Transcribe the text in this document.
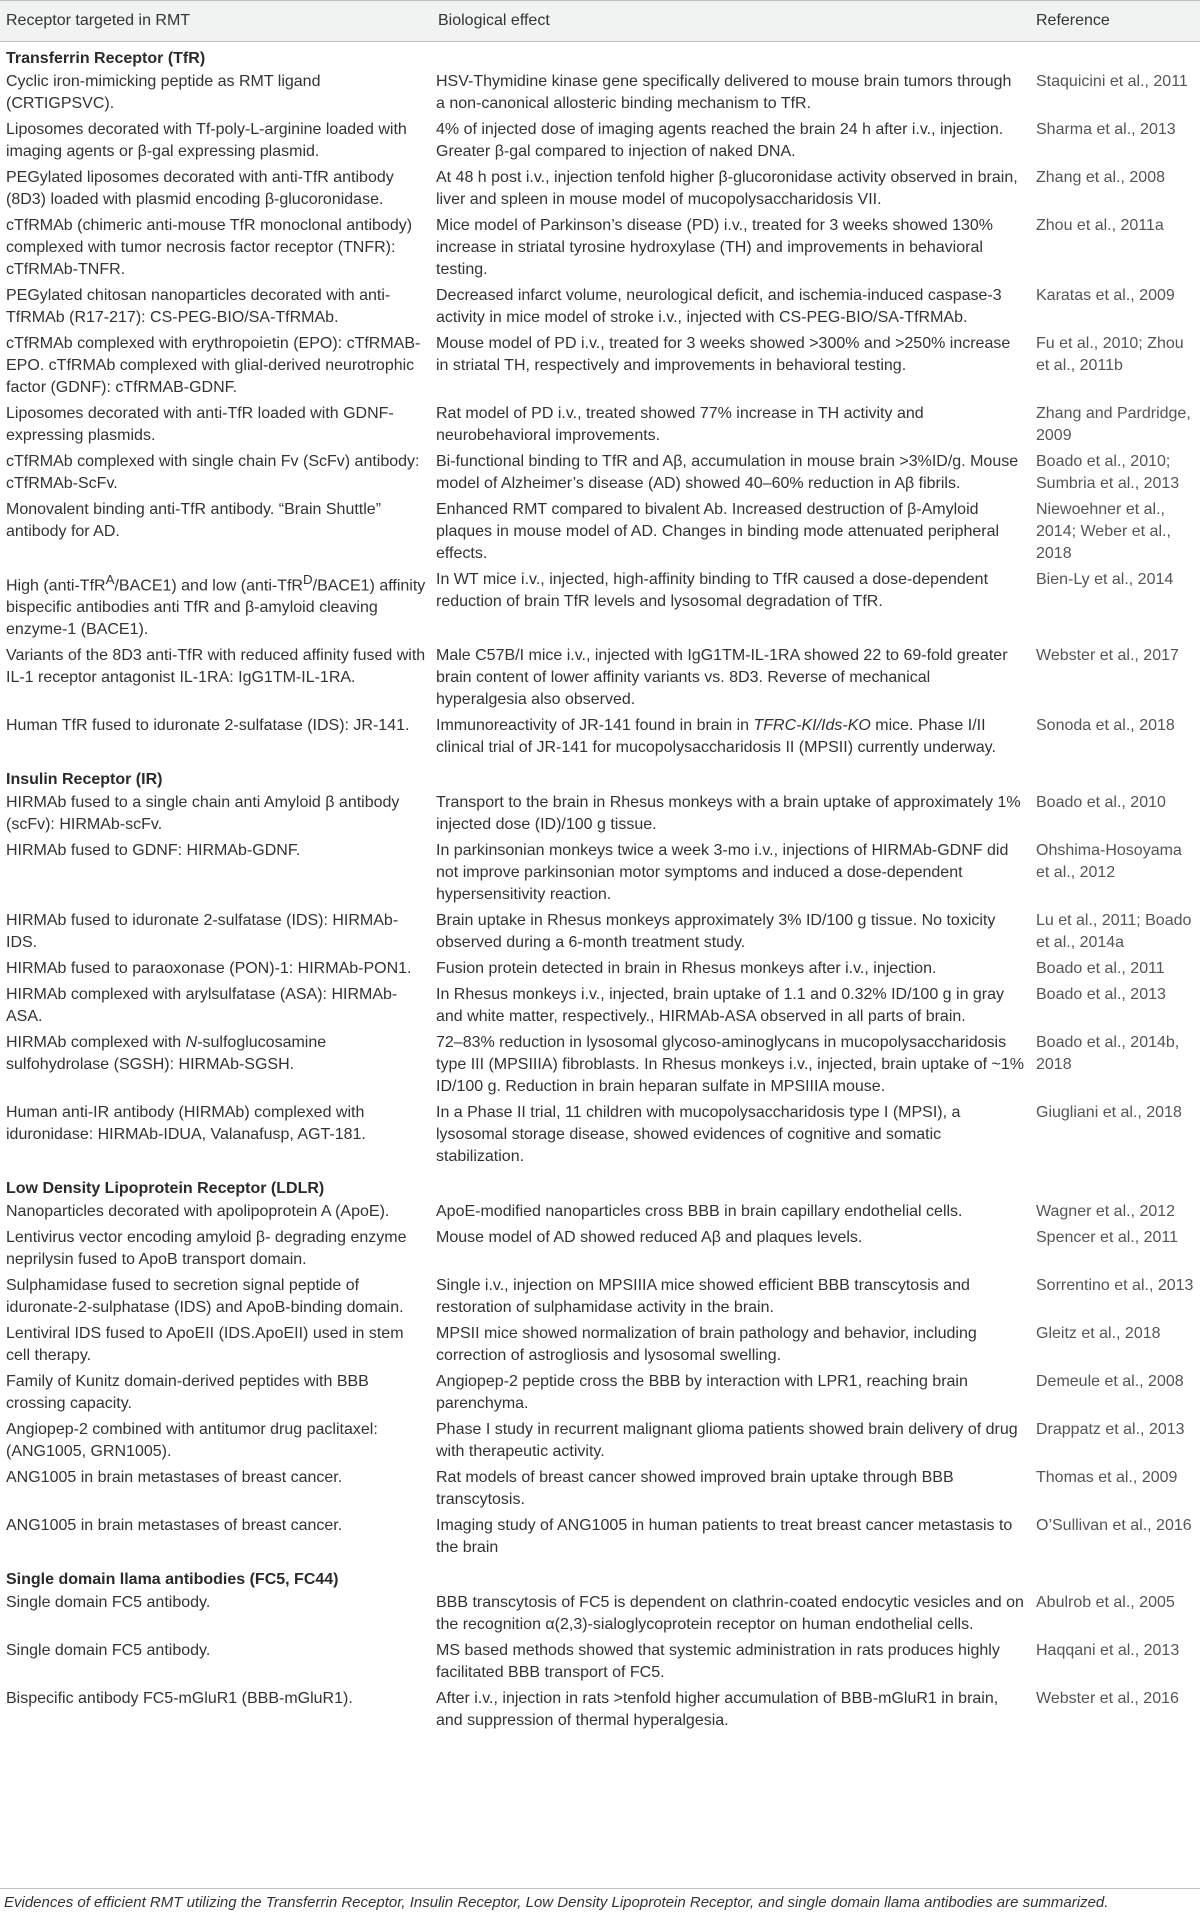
Receptor targeted in RMT	Biological effect	Reference
Transferrin Receptor (TfR)		
Cyclic iron-mimicking peptide as RMT ligand (CRTIGPSVC).	HSV-Thymidine kinase gene specifically delivered to mouse brain tumors through a non-canonical allosteric binding mechanism to TfR.	Staquicini et al., 2011
Liposomes decorated with Tf-poly-L-arginine loaded with imaging agents or β-gal expressing plasmid.	4% of injected dose of imaging agents reached the brain 24 h after i.v., injection. Greater β-gal compared to injection of naked DNA.	Sharma et al., 2013
PEGylated liposomes decorated with anti-TfR antibody (8D3) loaded with plasmid encoding β-glucoronidase.	At 48 h post i.v., injection tenfold higher β-glucoronidase activity observed in brain, liver and spleen in mouse model of mucopolysaccharidosis VII.	Zhang et al., 2008
cTfRMAb (chimeric anti-mouse TfR monoclonal antibody) complexed with tumor necrosis factor receptor (TNFR): cTfRMAb-TNFR.	Mice model of Parkinson’s disease (PD) i.v., treated for 3 weeks showed 130% increase in striatal tyrosine hydroxylase (TH) and improvements in behavioral testing.	Zhou et al., 2011a
PEGylated chitosan nanoparticles decorated with anti-TfRMAb (R17-217): CS-PEG-BIO/SA-TfRMAb.	Decreased infarct volume, neurological deficit, and ischemia-induced caspase-3 activity in mice model of stroke i.v., injected with CS-PEG-BIO/SA-TfRMAb.	Karatas et al., 2009
cTfRMAb complexed with erythropoietin (EPO): cTfRMAB-EPO. cTfRMAb complexed with glial-derived neurotrophic factor (GDNF): cTfRMAB-GDNF.	Mouse model of PD i.v., treated for 3 weeks showed >300% and >250% increase in striatal TH, respectively and improvements in behavioral testing.	Fu et al., 2010; Zhou et al., 2011b
Liposomes decorated with anti-TfR loaded with GDNF-expressing plasmids.	Rat model of PD i.v., treated showed 77% increase in TH activity and neurobehavioral improvements.	Zhang and Pardridge, 2009
cTfRMAb complexed with single chain Fv (ScFv) antibody: cTfRMAb-ScFv.	Bi-functional binding to TfR and Aβ, accumulation in mouse brain >3%ID/g. Mouse model of Alzheimer’s disease (AD) showed 40–60% reduction in Aβ fibrils.	Boado et al., 2010; Sumbria et al., 2013
Monovalent binding anti-TfR antibody. “Brain Shuttle” antibody for AD.	Enhanced RMT compared to bivalent Ab. Increased destruction of β-Amyloid plaques in mouse model of AD. Changes in binding mode attenuated peripheral effects.	Niewoehner et al., 2014; Weber et al., 2018
High (anti-TfR$^A$/BACE1) and low (anti-TfR$^D$/BACE1) affinity bispecific antibodies anti TfR and β-amyloid cleaving enzyme-1 (BACE1).	In WT mice i.v., injected, high-affinity binding to TfR caused a dose-dependent reduction of brain TfR levels and lysosomal degradation of TfR.	Bien-Ly et al., 2014
Variants of the 8D3 anti-TfR with reduced affinity fused with IL-1 receptor antagonist IL-1RA: IgG1TM-IL-1RA.	Male C57B/I mice i.v., injected with IgG1TM-IL-1RA showed 22 to 69-fold greater brain content of lower affinity variants vs. 8D3. Reverse of mechanical hyperalgesia also observed.	Webster et al., 2017
Human TfR fused to iduronate 2-sulfatase (IDS): JR-141.	Immunoreactivity of JR-141 found in brain in TFRC-KI/Ids-KO mice. Phase I/II clinical trial of JR-141 for mucopolysaccharidosis II (MPSII) currently underway.	Sonoda et al., 2018
Insulin Receptor (IR)		
HIRMAb fused to a single chain anti Amyloid β antibody (scFv): HIRMAb-scFv.	Transport to the brain in Rhesus monkeys with a brain uptake of approximately 1% injected dose (ID)/100 g tissue.	Boado et al., 2010
HIRMAb fused to GDNF: HIRMAb-GDNF.	In parkinsonian monkeys twice a week 3-mo i.v., injections of HIRMAb-GDNF did not improve parkinsonian motor symptoms and induced a dose-dependent hypersensitivity reaction.	Ohshima-Hosoyama et al., 2012
HIRMAb fused to iduronate 2-sulfatase (IDS): HIRMAb-IDS.	Brain uptake in Rhesus monkeys approximately 3% ID/100 g tissue. No toxicity observed during a 6-month treatment study.	Lu et al., 2011; Boado et al., 2014a
HIRMAb fused to paraoxonase (PON)-1: HIRMAb-PON1.	Fusion protein detected in brain in Rhesus monkeys after i.v., injection.	Boado et al., 2011
HIRMAb complexed with arylsulfatase (ASA): HIRMAb-ASA.	In Rhesus monkeys i.v., injected, brain uptake of 1.1 and 0.32% ID/100 g in gray and white matter, respectively., HIRMAb-ASA observed in all parts of brain.	Boado et al., 2013
HIRMAb complexed with N-sulfoglucosamine sulfohydrolase (SGSH): HIRMAb-SGSH.	72–83% reduction in lysosomal glycoso-aminoglycans in mucopolysaccharidosis type III (MPSIIIA) fibroblasts. In Rhesus monkeys i.v., injected, brain uptake of ~1% ID/100 g. Reduction in brain heparan sulfate in MPSIIIA mouse.	Boado et al., 2014b, 2018
Human anti-IR antibody (HIRMAb) complexed with iduronidase: HIRMAb-IDUA, Valanafusp, AGT-181.	In a Phase II trial, 11 children with mucopolysaccharidosis type I (MPSI), a lysosomal storage disease, showed evidences of cognitive and somatic stabilization.	Giugliani et al., 2018
Low Density Lipoprotein Receptor (LDLR)		
Nanoparticles decorated with apolipoprotein A (ApoE).	ApoE-modified nanoparticles cross BBB in brain capillary endothelial cells.	Wagner et al., 2012
Lentivirus vector encoding amyloid β- degrading enzyme neprilysin fused to ApoB transport domain.	Mouse model of AD showed reduced Aβ and plaques levels.	Spencer et al., 2011
Sulphamidase fused to secretion signal peptide of iduronate-2-sulphatase (IDS) and ApoB-binding domain.	Single i.v., injection on MPSIIIA mice showed efficient BBB transcytosis and restoration of sulphamidase activity in the brain.	Sorrentino et al., 2013
Lentiviral IDS fused to ApoEII (IDS.ApoEII) used in stem cell therapy.	MPSII mice showed normalization of brain pathology and behavior, including correction of astrogliosis and lysosomal swelling.	Gleitz et al., 2018
Family of Kunitz domain-derived peptides with BBB crossing capacity.	Angiopep-2 peptide cross the BBB by interaction with LPR1, reaching brain parenchyma.	Demeule et al., 2008
Angiopep-2 combined with antitumor drug paclitaxel: (ANG1005, GRN1005).	Phase I study in recurrent malignant glioma patients showed brain delivery of drug with therapeutic activity.	Drappatz et al., 2013
ANG1005 in brain metastases of breast cancer.	Rat models of breast cancer showed improved brain uptake through BBB transcytosis.	Thomas et al., 2009
ANG1005 in brain metastases of breast cancer.	Imaging study of ANG1005 in human patients to treat breast cancer metastasis to the brain	O’Sullivan et al., 2016
Single domain llama antibodies (FC5, FC44)		
Single domain FC5 antibody.	BBB transcytosis of FC5 is dependent on clathrin-coated endocytic vesicles and on the recognition α(2,3)-sialoglycoprotein receptor on human endothelial cells.	Abulrob et al., 2005
Single domain FC5 antibody.	MS based methods showed that systemic administration in rats produces highly facilitated BBB transport of FC5.	Haqqani et al., 2013
Bispecific antibody FC5-mGluR1 (BBB-mGluR1).	After i.v., injection in rats >tenfold higher accumulation of BBB-mGluR1 in brain, and suppression of thermal hyperalgesia.	Webster et al., 2016
Evidences of efficient RMT utilizing the Transferrin Receptor, Insulin Receptor, Low Density Lipoprotein Receptor, and single domain llama antibodies are summarized.
